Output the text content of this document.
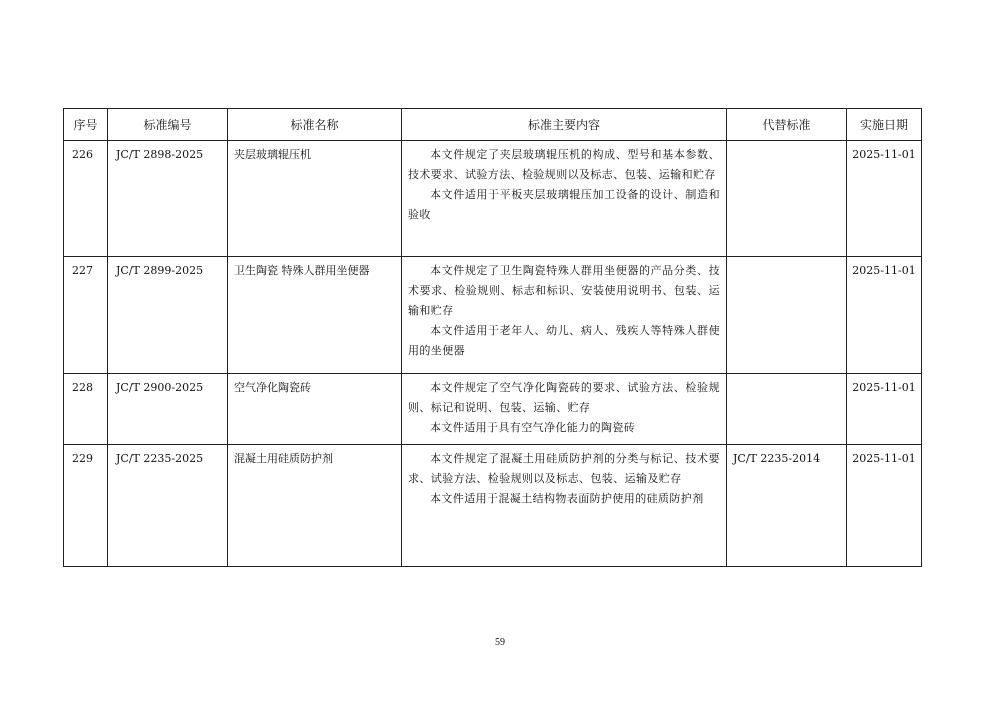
序号	标准编号	标准名称	标准主要内容	代替标准	实施日期

226	JC/T 2898-2025	夹层玻璃辊压机	本文件规定了夹层玻璃辊压机的构成、型号和基本参数、技术要求、试验方法、检验规则以及标志、包装、运输和贮存
本文件适用于平板夹层玻璃辊压加工设备的设计、制造和验收		2025-11-01

227	JC/T 2899-2025	卫生陶瓷 特殊人群用坐便器	本文件规定了卫生陶瓷特殊人群用坐便器的产品分类、技术要求、检验规则、标志和标识、安装使用说明书、包装、运输和贮存
本文件适用于老年人、幼儿、病人、残疾人等特殊人群使用的坐便器		2025-11-01

228	JC/T 2900-2025	空气净化陶瓷砖	本文件规定了空气净化陶瓷砖的要求、试验方法、检验规则、标记和说明、包装、运输、贮存
本文件适用于具有空气净化能力的陶瓷砖		2025-11-01

229	JC/T 2235-2025	混凝土用硅质防护剂	本文件规定了混凝土用硅质防护剂的分类与标记、技术要求、试验方法、检验规则以及标志、包装、运输及贮存
本文件适用于混凝土结构物表面防护使用的硅质防护剂	JC/T 2235-2014	2025-11-01
59
